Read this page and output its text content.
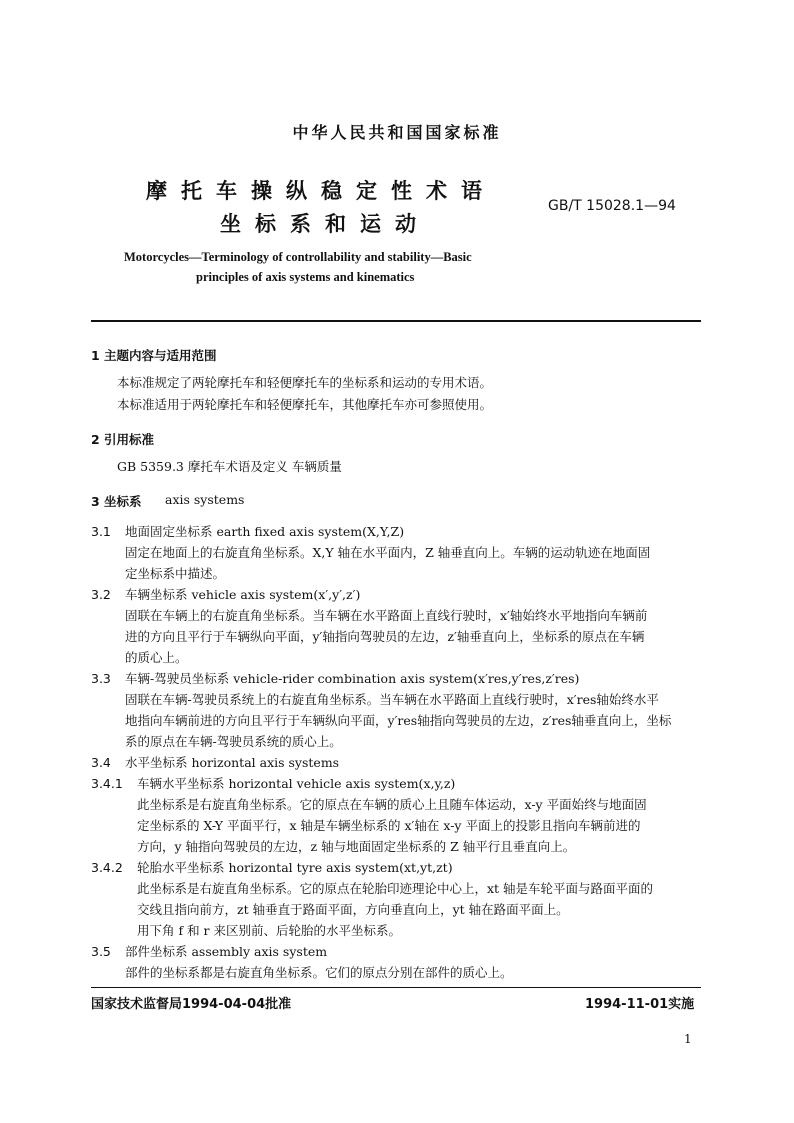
中华人民共和国国家标准
摩托车操纵稳定性术语
坐标系和运动
GB/T 15028.1—94
Motorcycles—Terminology of controllability and stability—Basic
principles of axis systems and kinematics
1 主题内容与适用范围
本标准规定了两轮摩托车和轻便摩托车的坐标系和运动的专用术语。
本标准适用于两轮摩托车和轻便摩托车，其他摩托车亦可参照使用。
2 引用标准
GB 5359.3 摩托车术语及定义 车辆质量
3 坐标系 axis systems
3.1 地面固定坐标系 earth fixed axis system(X,Y,Z)
固定在地面上的右旋直角坐标系。X,Y 轴在水平面内，Z 轴垂直向上。车辆的运动轨迹在地面固
定坐标系中描述。
3.2 车辆坐标系 vehicle axis system(x′,y′,z′)
固联在车辆上的右旋直角坐标系。当车辆在水平路面上直线行驶时，x′轴始终水平地指向车辆前
进的方向且平行于车辆纵向平面，y′轴指向驾驶员的左边，z′轴垂直向上，坐标系的原点在车辆
的质心上。
3.3 车辆-驾驶员坐标系 vehicle-rider combination axis system(x′res,y′res,z′res)
固联在车辆-驾驶员系统上的右旋直角坐标系。当车辆在水平路面上直线行驶时，x′res轴始终水平
地指向车辆前进的方向且平行于车辆纵向平面，y′res轴指向驾驶员的左边，z′res轴垂直向上，坐标
系的原点在车辆-驾驶员系统的质心上。
3.4 水平坐标系 horizontal axis systems
3.4.1 车辆水平坐标系 horizontal vehicle axis system(x,y,z)
此坐标系是右旋直角坐标系。它的原点在车辆的质心上且随车体运动，x-y 平面始终与地面固
定坐标系的 X-Y 平面平行，x 轴是车辆坐标系的 x′轴在 x-y 平面上的投影且指向车辆前进的
方向，y 轴指向驾驶员的左边，z 轴与地面固定坐标系的 Z 轴平行且垂直向上。
3.4.2 轮胎水平坐标系 horizontal tyre axis system(xt,yt,zt)
此坐标系是右旋直角坐标系。它的原点在轮胎印迹理论中心上，xt 轴是车轮平面与路面平面的
交线且指向前方，zt 轴垂直于路面平面，方向垂直向上，yt 轴在路面平面上。
用下角 f 和 r 来区别前、后轮胎的水平坐标系。
3.5 部件坐标系 assembly axis system
部件的坐标系都是右旋直角坐标系。它们的原点分别在部件的质心上。
国家技术监督局1994-04-04批准	1994-11-01实施
1
